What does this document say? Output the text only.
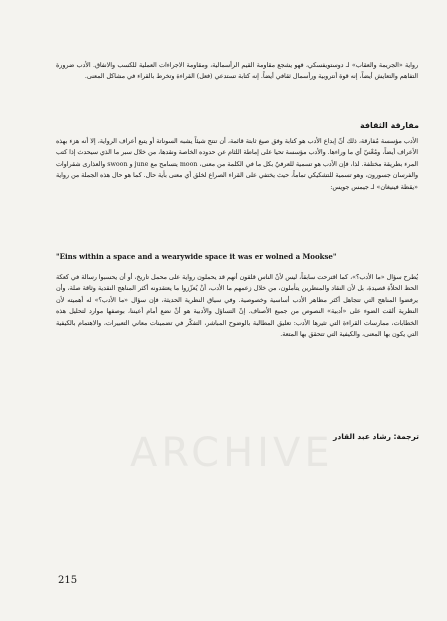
رواية «الجريمة والعقاب» لـ دوستويفسكي، فهو يشجع مقاومة القيم الرأسمالية، ومقاومة الاجراءات العملية للكسب والانفاق. الأدب ضرورة التفاهم والتعايش أيضاً، إنه قوة أنتروبية ورأسمال ثقافي أيضاً. إنه كتابة تستدعي (فعل) القراءة وتخرط بالقراء في مشاكل المعنى.

مفارقة الثقافة

الأدب مؤسسة مُفارقة، ذلك أنّ إبداع الأدب هو كتابة وفق صيغ ثابتة قائمة، أن تنتج شيئاً يشبه السوناتة أو يتبع أعراف الرواية، إلا أنه هزء بهذه الأعراف أيضاً، ومُعْنيّ أي ما وراءها. والأدب مؤسسة تحيا على إماطة اللثام عن حدوده الخاصة ونقدها، من خلال سبر ما الذي سيحدث إذا كتب المرء بطريقة مختلفة. لذا، فإن الأدب هو تسمية للعرفيّ بكل ما في الكلمة من معنى، moon يتسامح مع june و swoon والعذارى شقراوات والفرسان جسورون، وهو تسمية للتشكيكي تماماً، حيث يختفي على القراء الصراع لخلق أي معنى بأية حال. كما هو حال هذه الجملة من رواية «يقظة فينيغان» لـ جيمس جويس:

"Eins within a space and a wearywide space it was er wolned a Mookse"

يُطرح سؤال «ما الأدب؟»، كما اقترحت سابقاً، ليس لأنّ الناس قلقون أنهم قد يحملون رواية على محمل تاريخ، أو أن يحسبوا رسالة في كعكة الحظ الحلاّة قصيدة، بل لأن النقاد والمنظرين يتأملون، من خلال زعمهم ما الأدب، أنْ يُعزّزوا ما يعتقدونه أكثر المناهج النقدية وثاقة صلة، وأن يرفضوا المناهج التي تتجاهل أكثر مظاهر الأدب أساسية وخصوصية. وفي سياق النظرية الحديثة، فإن سؤال «ما الأدب؟» له أهميته لأن النظرية ألقت الضوء على «أدبية» النصوص من جميع الأصناف. إنّ التساؤل والأدبية هو أنْ نضع أمام أعيننا، بوصفها موارد لتحليل هذه الخطابات، ممارسات القراءة التي تثيرها الأدب: تعليق المطالبة بالوضوح المباشر، التفكّر في تضمينات معاني التعبيرات، والاهتمام بالكيفية التي يكون بها المعنى، والكيفية التي تتحقق بها المتعة.

ترجمة: رشاد عبد القادر

ARCHIVE

215
